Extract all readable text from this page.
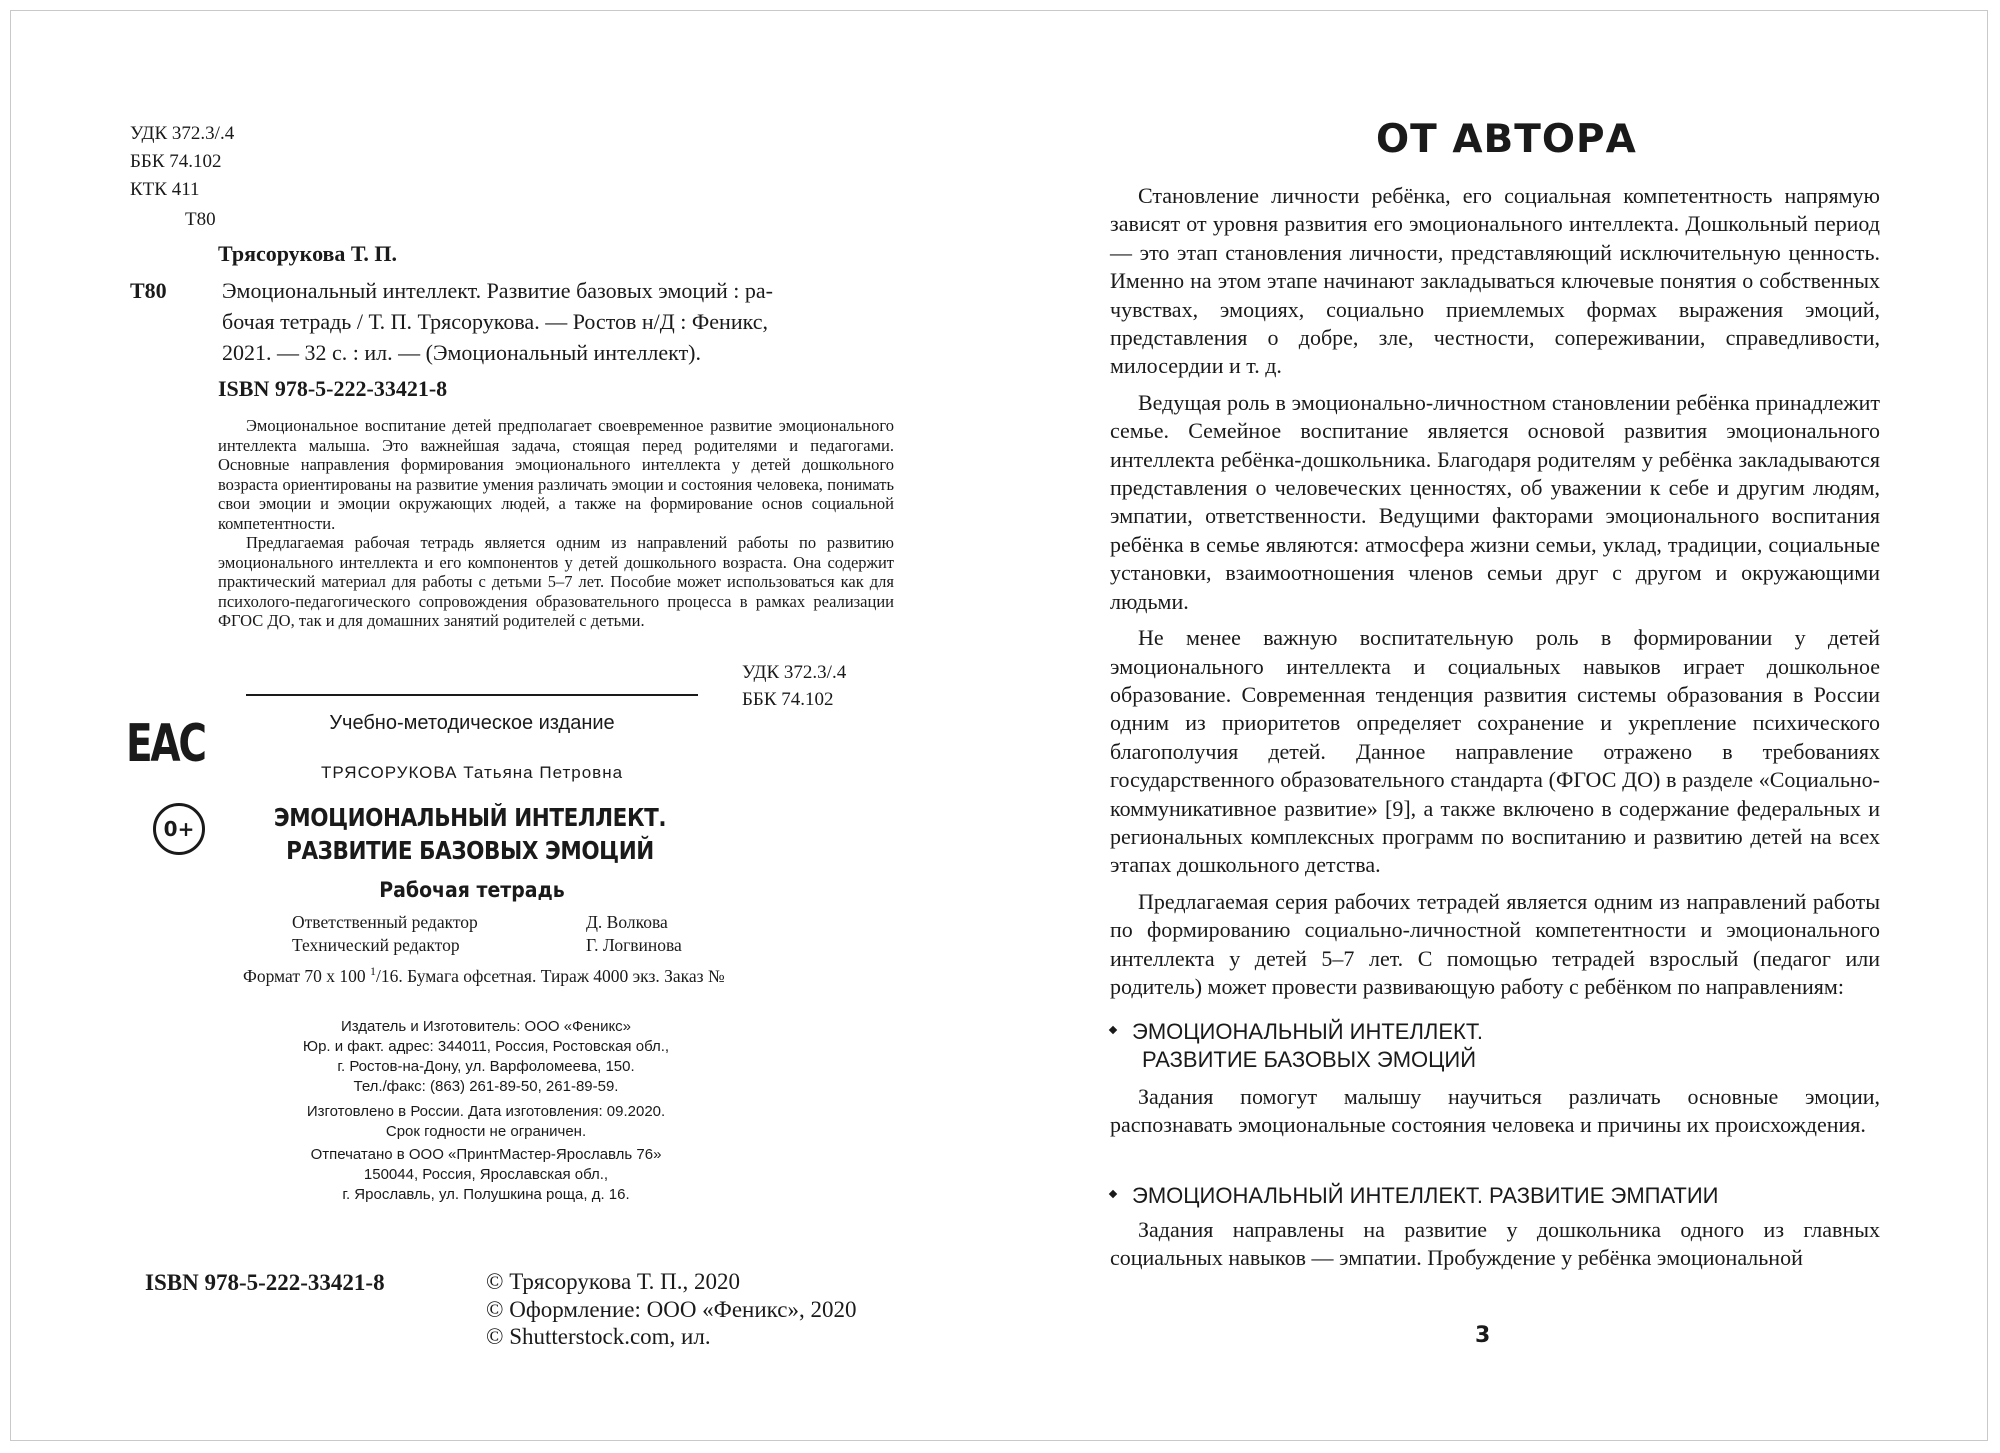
УДК 372.3/.4
ББК 74.102
КТК 411
Т80
Трясорукова Т. П.
Т80	Эмоциональный интеллект. Развитие базовых эмоций : ра-
бочая тетрадь / Т. П. Трясорукова. — Ростов н/Д : Феникс,
2021. — 32 с. : ил. — (Эмоциональный интеллект).
ISBN 978-5-222-33421-8

Эмоциональное воспитание детей предполагает своевременное развитие эмоционального интеллекта малыша. Это важнейшая задача, стоящая перед родителями и педагогами. Основные направления формирования эмоционального интеллекта у детей дошкольного возраста ориентированы на развитие умения различать эмоции и состояния человека, понимать свои эмоции и эмоции окружающих людей, а также на формирование основ социальной компетентности.

Предлагаемая рабочая тетрадь является одним из направлений работы по развитию эмоционального интеллекта и его компонентов у детей дошкольного возраста. Она содержит практический материал для работы с детьми 5–7 лет. Пособие может использоваться как для психолого-педагогического сопровождения образовательного процесса в рамках реализации ФГОС ДО, так и для домашних занятий родителей с детьми.

УДК 372.3/.4
ББК 74.102
Учебно-методическое издание
EAC
0+
ТРЯСОРУКОВА Татьяна Петровна
ЭМОЦИОНАЛЬНЫЙ ИНТЕЛЛЕКТ.
РАЗВИТИЕ БАЗОВЫХ ЭМОЦИЙ
Рабочая тетрадь
Ответственный редактор
Технический редактор
Д. Волкова
Г. Логвинова
Формат 70 х 100 $^1$/16. Бумага офсетная. Тираж 4000 экз. Заказ №
Издатель и Изготовитель: ООО «Феникс»
Юр. и факт. адрес: 344011, Россия, Ростовская обл.,
г. Ростов-на-Дону, ул. Варфоломеева, 150.
Тел./факс: (863) 261-89-50, 261-89-59.
Изготовлено в России. Дата изготовления: 09.2020.
Срок годности не ограничен.
Отпечатано в ООО «ПринтМастер-Ярославль 76»
150044, Россия, Ярославская обл.,
г. Ярославль, ул. Полушкина роща, д. 16.
ISBN 978-5-222-33421-8	© Трясорукова Т. П., 2020
© Оформление: ООО «Феникс», 2020
© Shutterstock.com, ил.
ОТ АВТОРА

Становление личности ребёнка, его социальная компетентность напрямую зависят от уровня развития его эмоционального интеллекта. Дошкольный период — это этап становления личности, представляющий исключительную ценность. Именно на этом этапе начинают закладываться ключевые понятия о собственных чувствах, эмоциях, социально приемлемых формах выражения эмоций, представления о добре, зле, честности, сопереживании, справедливости, милосердии и т. д.

Ведущая роль в эмоционально-личностном становлении ребёнка принадлежит семье. Семейное воспитание является основой развития эмоционального интеллекта ребёнка-дошкольника. Благодаря родителям у ребёнка закладываются представления о человеческих ценностях, об уважении к себе и другим людям, эмпатии, ответственности. Ведущими факторами эмоционального воспитания ребёнка в семье являются: атмосфера жизни семьи, уклад, традиции, социальные установки, взаимоотношения членов семьи друг с другом и окружающими людьми.

Не менее важную воспитательную роль в формировании у детей эмоционального интеллекта и социальных навыков играет дошкольное образование. Современная тенденция развития системы образования в России одним из приоритетов определяет сохранение и укрепление психического благополучия детей. Данное направление отражено в требованиях государственного образовательного стандарта (ФГОС ДО) в разделе «Социально-коммуникативное развитие» [9], а также включено в содержание федеральных и региональных комплексных программ по воспитанию и развитию детей на всех этапах дошкольного детства.

Предлагаемая серия рабочих тетрадей является одним из направлений работы по формированию социально-личностной компетентности и эмоционального интеллекта у детей 5–7 лет. С помощью тетрадей взрослый (педагог или родитель) может провести развивающую работу с ребёнком по направлениям:

ЭМОЦИОНАЛЬНЫЙ ИНТЕЛЛЕКТ.
РАЗВИТИЕ БАЗОВЫХ ЭМОЦИЙ

Задания помогут малышу научиться различать основные эмоции, распознавать эмоциональные состояния человека и причины их происхождения.

ЭМОЦИОНАЛЬНЫЙ ИНТЕЛЛЕКТ. РАЗВИТИЕ ЭМПАТИИ

Задания направлены на развитие у дошкольника одного из главных социальных навыков — эмпатии. Пробуждение у ребёнка эмоциональной

3
